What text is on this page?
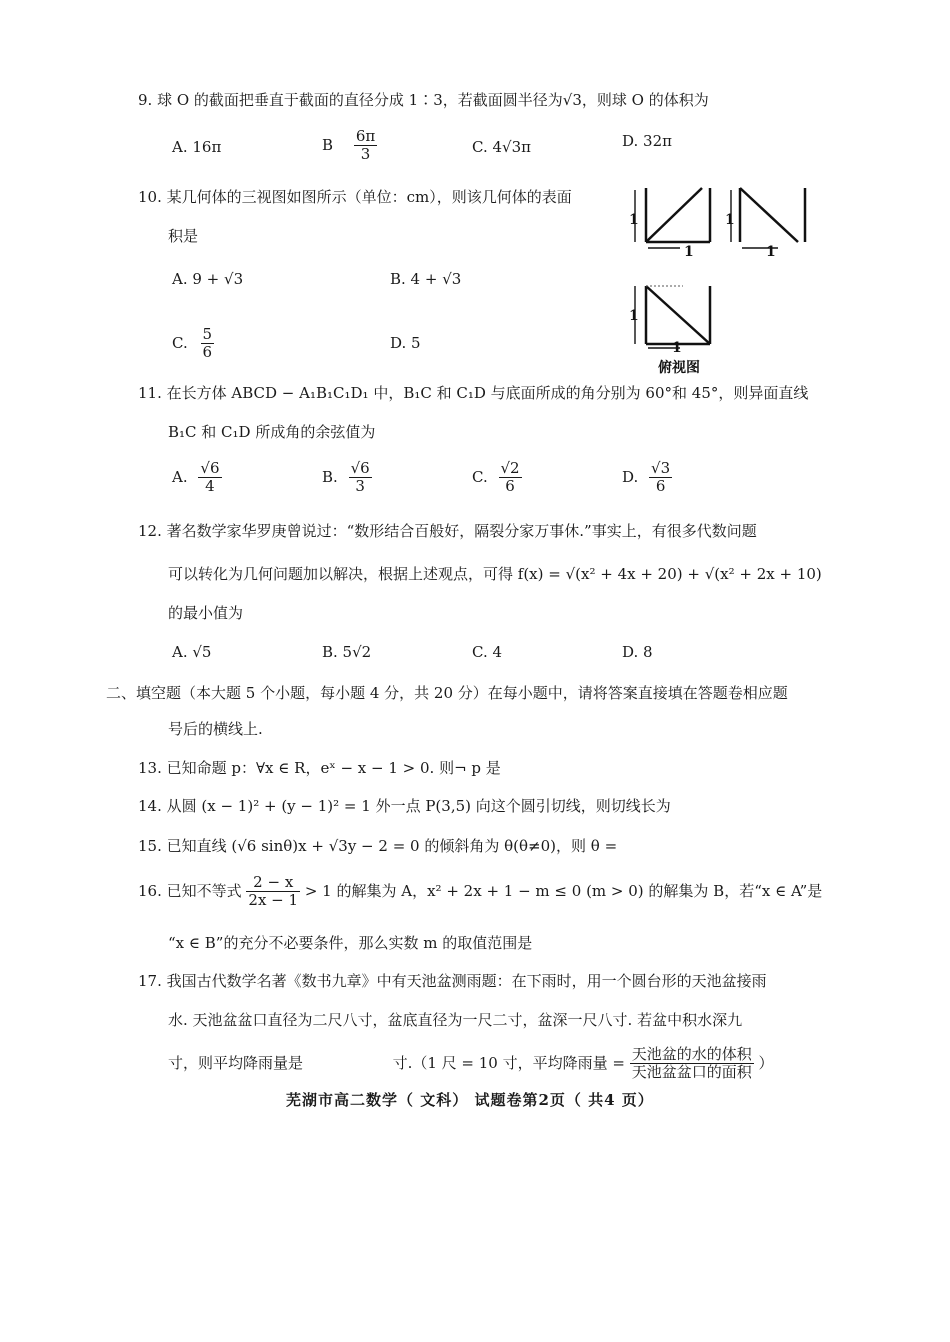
9. 球 O 的截面把垂直于截面的直径分成 1∶3，若截面圆半径为√3，则球 O 的体积为
A. 16π	B $\frac{6\pi}{3}$	C. 4√3π	D. 32π
10. 某几何体的三视图如图所示（单位：cm），则该几何体的表面
积是
A. 9 + √3	B. 4 + √3
C. $\frac{5}{6}$	D. 5
1
1
1
1
1
1
俯视图
11. 在长方体 ABCD − A₁B₁C₁D₁ 中，B₁C 和 C₁D 与底面所成的角分别为 60°和 45°，则异面直线
B₁C 和 C₁D 所成角的余弦值为
A. $\frac{√6}{4}$	B. $\frac{√6}{3}$	C. $\frac{√2}{6}$	D. $\frac{√3}{6}$
12. 著名数学家华罗庚曾说过：“数形结合百般好，隔裂分家万事休.”事实上，有很多代数问题
可以转化为几何问题加以解决，根据上述观点，可得 f(x) = √(x² + 4x + 20) + √(x² + 2x + 10)
的最小值为
A. √5	B. 5√2	C. 4	D. 8
二、填空题（本大题 5 个小题，每小题 4 分，共 20 分）在每小题中，请将答案直接填在答题卷相应题
号后的横线上.
13. 已知命题 p：∀x ∈ R，eˣ − x − 1 > 0. 则¬ p 是
14. 从圆 (x − 1)² + (y − 1)² = 1 外一点 P(3,5) 向这个圆引切线，则切线长为
15. 已知直线 (√6 sinθ)x + √3y − 2 = 0 的倾斜角为 θ(θ≠0)，则 θ =
16. 已知不等式 $\frac{2 - x}{2x - 1} > 1$ 的解集为 A，x² + 2x + 1 − m ≤ 0 (m > 0) 的解集为 B，若“x ∈ A”是
“x ∈ B”的充分不必要条件，那么实数 m 的取值范围是
17. 我国古代数学名著《数书九章》中有天池盆测雨题：在下雨时，用一个圆台形的天池盆接雨
水. 天池盆盆口直径为二尺八寸，盆底直径为一尺二寸，盆深一尺八寸. 若盆中积水深九
寸，则平均降雨量是	寸.（1 尺 = 10 寸，平均降雨量 = $\frac{\text{天池盆的水的体积}}{\text{天池盆盆口的面积}}$ ）
芜湖市高二数学（ 文科） 试题卷第2页（ 共4 页）
